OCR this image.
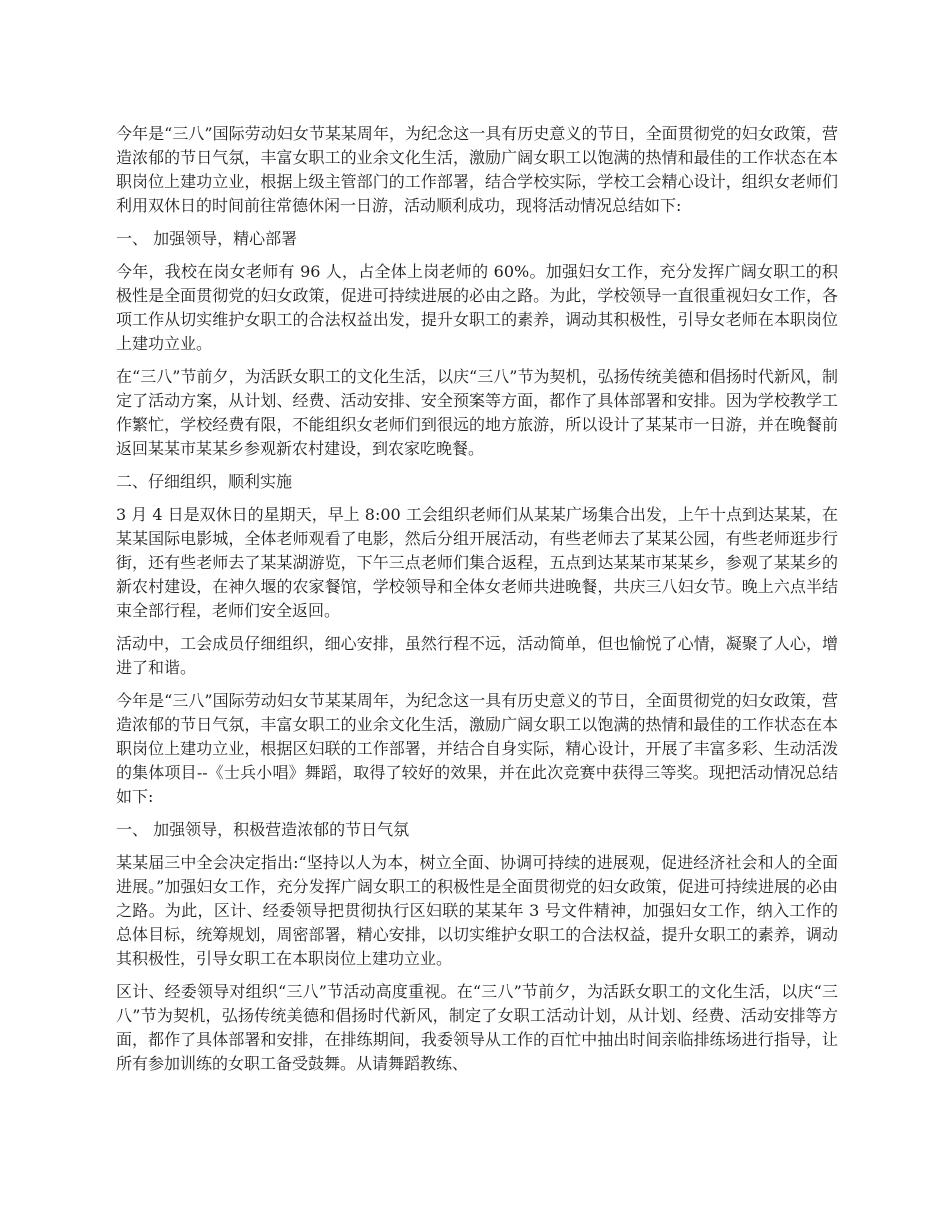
今年是“三八”国际劳动妇女节某某周年，为纪念这一具有历史意义的节日，全面贯彻党的妇女政策，营造浓郁的节日气氛，丰富女职工的业余文化生活，激励广阔女职工以饱满的热情和最佳的工作状态在本职岗位上建功立业，根据上级主管部门的工作部署，结合学校实际，学校工会精心设计，组织女老师们利用双休日的时间前往常德休闲一日游，活动顺利成功，现将活动情况总结如下:

一、 加强领导，精心部署

今年，我校在岗女老师有 96 人，占全体上岗老师的 60%。加强妇女工作，充分发挥广阔女职工的积极性是全面贯彻党的妇女政策，促进可持续进展的必由之路。为此，学校领导一直很重视妇女工作，各项工作从切实维护女职工的合法权益出发，提升女职工的素养，调动其积极性，引导女老师在本职岗位上建功立业。

在“三八”节前夕，为活跃女职工的文化生活，以庆“三八”节为契机，弘扬传统美德和倡扬时代新风，制定了活动方案，从计划、经费、活动安排、安全预案等方面，都作了具体部署和安排。因为学校教学工作繁忙，学校经费有限，不能组织女老师们到很远的地方旅游，所以设计了某某市一日游，并在晚餐前返回某某市某某乡参观新农村建设，到农家吃晚餐。

二、仔细组织，顺利实施

3 月 4 日是双休日的星期天，早上 8:00 工会组织老师们从某某广场集合出发，上午十点到达某某，在某某国际电影城，全体老师观看了电影，然后分组开展活动，有些老师去了某某公园，有些老师逛步行街，还有些老师去了某某湖游览，下午三点老师们集合返程，五点到达某某市某某乡，参观了某某乡的新农村建设，在神久堰的农家餐馆，学校领导和全体女老师共进晚餐，共庆三八妇女节。晚上六点半结束全部行程，老师们安全返回。

活动中，工会成员仔细组织，细心安排，虽然行程不远，活动简单，但也愉悦了心情，凝聚了人心，增进了和谐。

今年是“三八”国际劳动妇女节某某周年，为纪念这一具有历史意义的节日，全面贯彻党的妇女政策，营造浓郁的节日气氛，丰富女职工的业余文化生活，激励广阔女职工以饱满的热情和最佳的工作状态在本职岗位上建功立业，根据区妇联的工作部署，并结合自身实际，精心设计，开展了丰富多彩、生动活泼的集体项目--《士兵小唱》舞蹈，取得了较好的效果，并在此次竞赛中获得三等奖。现把活动情况总结如下:

一、 加强领导，积极营造浓郁的节日气氛

某某届三中全会决定指出:“坚持以人为本，树立全面、协调可持续的进展观，促进经济社会和人的全面进展。”加强妇女工作，充分发挥广阔女职工的积极性是全面贯彻党的妇女政策，促进可持续进展的必由之路。为此，区计、经委领导把贯彻执行区妇联的某某年 3 号文件精神，加强妇女工作，纳入工作的总体目标，统筹规划，周密部署，精心安排，以切实维护女职工的合法权益，提升女职工的素养，调动其积极性，引导女职工在本职岗位上建功立业。

区计、经委领导对组织“三八”节活动高度重视。在“三八”节前夕，为活跃女职工的文化生活，以庆“三八”节为契机，弘扬传统美德和倡扬时代新风，制定了女职工活动计划，从计划、经费、活动安排等方面，都作了具体部署和安排，在排练期间，我委领导从工作的百忙中抽出时间亲临排练场进行指导，让所有参加训练的女职工备受鼓舞。从请舞蹈教练、
